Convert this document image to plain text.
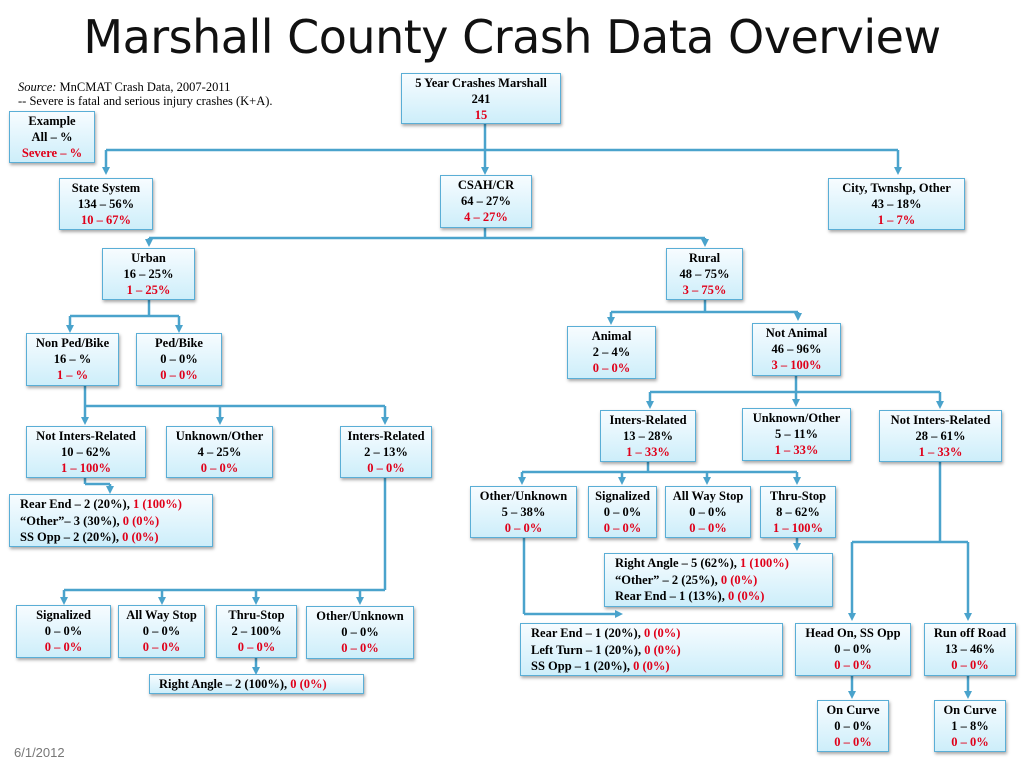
Marshall County Crash Data Overview
Source: MnCMAT Crash Data, 2007-2011
-- Severe is fatal and serious injury crashes (K+A).
5 Year Crashes Marshall
241
15
Example
All – %
Severe – %
State System
134 – 56%
10 – 67%
CSAH/CR
64 – 27%
4 – 27%
City, Twnshp, Other
43 – 18%
1 – 7%
Urban
16 – 25%
1 – 25%
Rural
48 – 75%
3 – 75%
Non Ped/Bike
16 – %
1 – %
Ped/Bike
0 – 0%
0 – 0%
Animal
2 – 4%
0 – 0%
Not Animal
46 – 96%
3 – 100%
Not Inters-Related
10 – 62%
1 – 100%
Unknown/Other
4 – 25%
0 – 0%
Inters-Related
2 – 13%
0 – 0%
Inters-Related
13 – 28%
1 – 33%
Unknown/Other
5 – 11%
1 – 33%
Not Inters-Related
28 – 61%
1 – 33%
Other/Unknown
5 – 38%
0 – 0%
Signalized
0 – 0%
0 – 0%
All Way Stop
0 – 0%
0 – 0%
Thru-Stop
8 – 62%
1 – 100%
Signalized
0 – 0%
0 – 0%
All Way Stop
0 – 0%
0 – 0%
Thru-Stop
2 – 100%
0 – 0%
Other/Unknown
0 – 0%
0 – 0%
Head On, SS Opp
0 – 0%
0 – 0%
Run off Road
13 – 46%
0 – 0%
On Curve
0 – 0%
0 – 0%
On Curve
1 – 8%
0 – 0%
Rear End – 2 (20%), 1 (100%)
“Other”– 3 (30%), 0 (0%)
SS Opp – 2 (20%), 0 (0%)
Right Angle – 5 (62%), 1 (100%)
“Other” – 2 (25%), 0 (0%)
Rear End – 1 (13%), 0 (0%)
Rear End – 1 (20%), 0 (0%)
Left Turn – 1 (20%), 0 (0%)
SS Opp – 1 (20%), 0 (0%)
Right Angle – 2 (100%), 0 (0%)
6/1/2012
